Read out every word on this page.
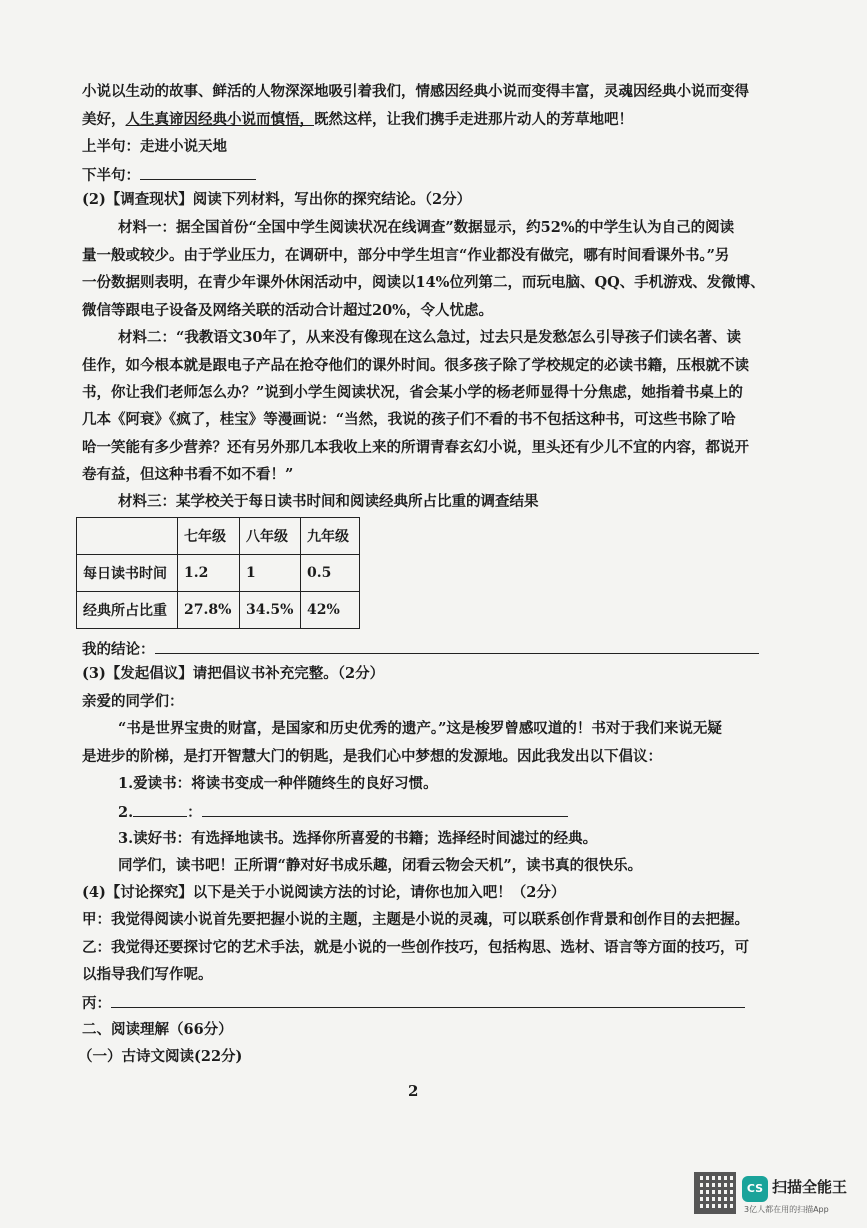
小说以生动的故事、鲜活的人物深深地吸引着我们，情感因经典小说而变得丰富，灵魂因经典小说而变得
美好，人生真谛因经典小说而慎悟，既然这样，让我们携手走进那片动人的芳草地吧！
上半句：走进小说天地
下半句：
(2)【调查现状】阅读下列材料，写出你的探究结论。（2分）
材料一：据全国首份“全国中学生阅读状况在线调查”数据显示，约52%的中学生认为自己的阅读
量一般或较少。由于学业压力，在调研中，部分中学生坦言“作业都没有做完，哪有时间看课外书。”另
一份数据则表明，在青少年课外休闲活动中，阅读以14%位列第二，而玩电脑、QQ、手机游戏、发微博、
微信等跟电子设备及网络关联的活动合计超过20%，令人忧虑。
材料二：“我教语文30年了，从来没有像现在这么急过，过去只是发愁怎么引导孩子们读名著、读
佳作，如今根本就是跟电子产品在抢夺他们的课外时间。很多孩子除了学校规定的必读书籍，压根就不读
书，你让我们老师怎么办？”说到小学生阅读状况，省会某小学的杨老师显得十分焦虑，她指着书桌上的
几本《阿衰》《疯了，桂宝》等漫画说：“当然，我说的孩子们不看的书不包括这种书，可这些书除了哈
哈一笑能有多少营养？还有另外那几本我收上来的所谓青春玄幻小说，里头还有少儿不宜的内容，都说开
卷有益，但这种书看不如不看！”
材料三：某学校关于每日读书时间和阅读经典所占比重的调查结果
	七年级	八年级	九年级
每日读书时间	1.2	1	0.5
经典所占比重	27.8%	34.5%	42%
我的结论：
(3)【发起倡议】请把倡议书补充完整。（2分）
亲爱的同学们：
“书是世界宝贵的财富，是国家和历史优秀的遗产。”这是梭罗曾感叹道的！书对于我们来说无疑
是进步的阶梯，是打开智慧大门的钥匙，是我们心中梦想的发源地。因此我发出以下倡议：
1.爱读书：将读书变成一种伴随终生的良好习惯。
2.	：
3.读好书：有选择地读书。选择你所喜爱的书籍；选择经时间滤过的经典。
同学们，读书吧！正所谓“静对好书成乐趣，闭看云物会天机”，读书真的很快乐。
(4)【讨论探究】以下是关于小说阅读方法的讨论，请你也加入吧！（2分）
甲：我觉得阅读小说首先要把握小说的主题，主题是小说的灵魂，可以联系创作背景和创作目的去把握。
乙：我觉得还要探讨它的艺术手法，就是小说的一些创作技巧，包括构思、选材、语言等方面的技巧，可
以指导我们写作呢。
丙：
二、阅读理解（66分）
（一）古诗文阅读(22分)
2
CS 扫描全能王
3亿人都在用的扫描App
